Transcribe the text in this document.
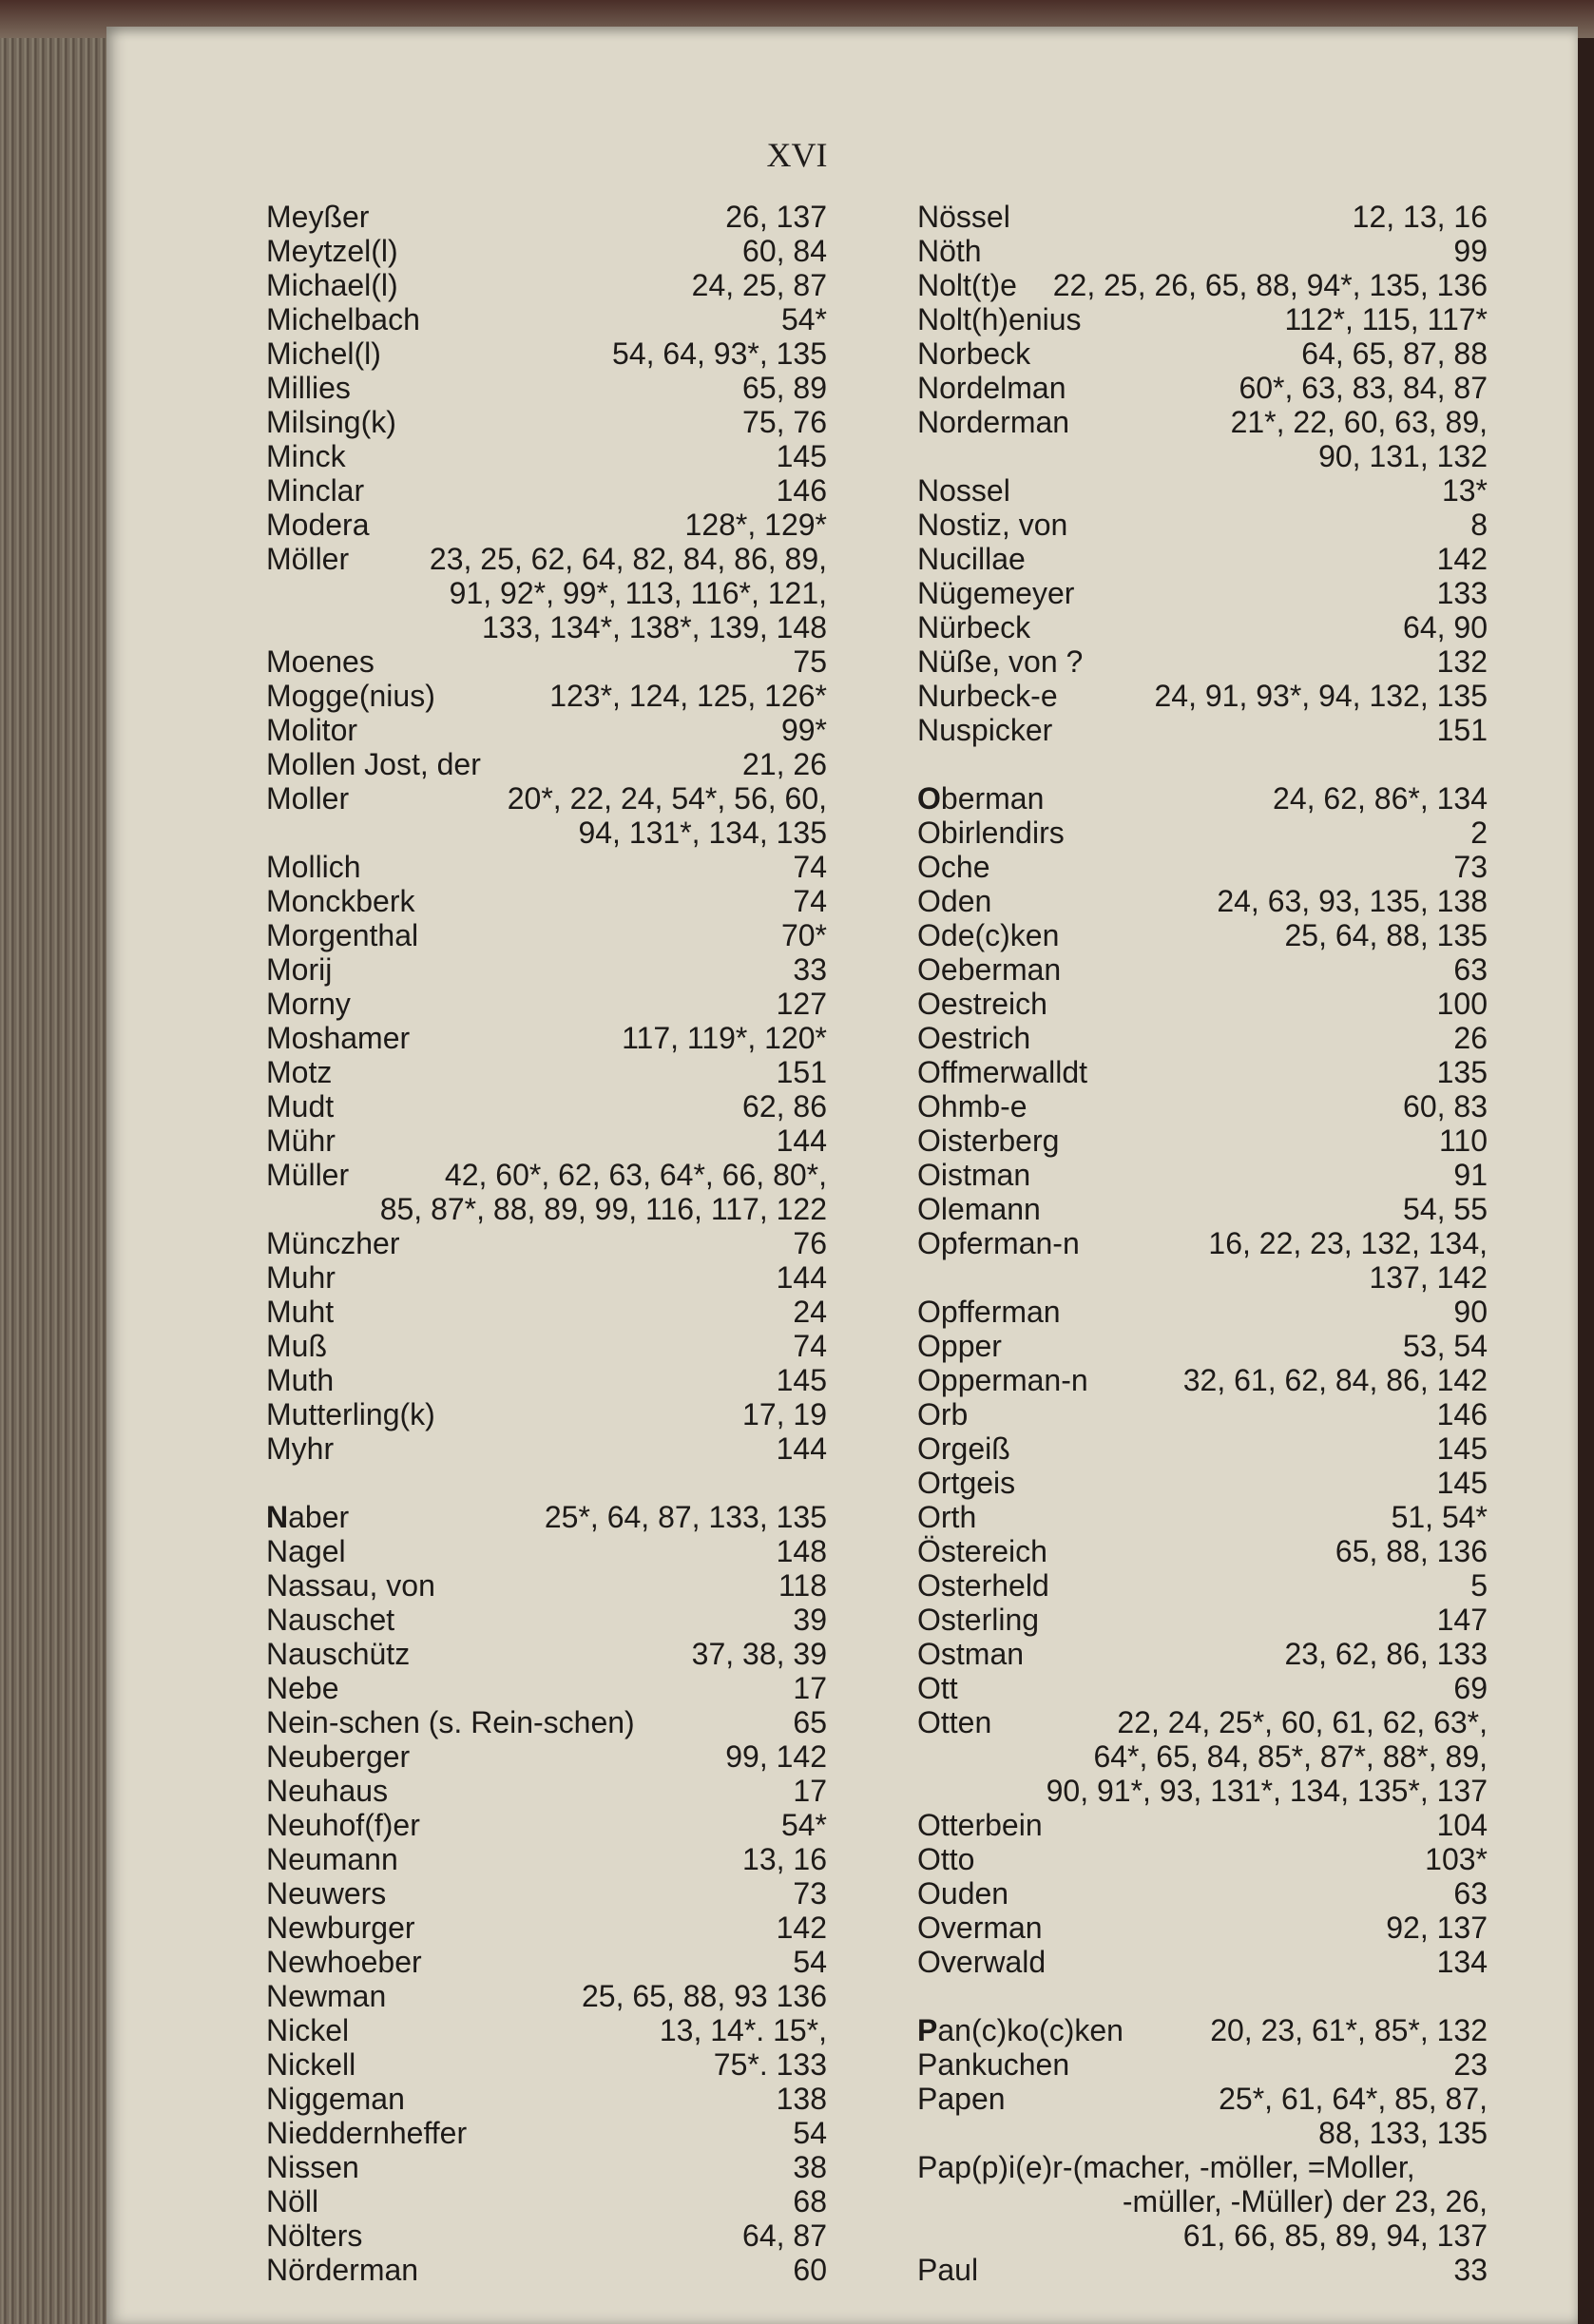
XVI
Meyßer	26, 137
Meytzel(l)	60, 84
Michael(l)	24, 25, 87
Michelbach	54*
Michel(l)	54, 64, 93*, 135
Millies	65, 89
Milsing(k)	75, 76
Minck	145
Minclar	146
Modera	128*, 129*
Möller	23, 25, 62, 64, 82, 84, 86, 89,
91, 92*, 99*, 113, 116*, 121,
133, 134*, 138*, 139, 148
Moenes	75
Mogge(nius)	123*, 124, 125, 126*
Molitor	99*
Mollen Jost, der	21, 26
Moller	20*, 22, 24, 54*, 56, 60,
94, 131*, 134, 135
Mollich	74
Monckberk	74
Morgenthal	70*
Morij	33
Morny	127
Moshamer	117, 119*, 120*
Motz	151
Mudt	62, 86
Mühr	144
Müller	42, 60*, 62, 63, 64*, 66, 80*,
85, 87*, 88, 89, 99, 116, 117, 122
Münczher	76
Muhr	144
Muht	24
Muß	74
Muth	145
Mutterling(k)	17, 19
Myhr	144
Naber	25*, 64, 87, 133, 135
Nagel	148
Nassau, von	118
Nauschet	39
Nauschütz	37, 38, 39
Nebe	17
Nein-schen (s. Rein-schen)	65
Neuberger	99, 142
Neuhaus	17
Neuhof(f)er	54*
Neumann	13, 16
Neuwers	73
Newburger	142
Newhoeber	54
Newman	25, 65, 88, 93 136
Nickel	13, 14*. 15*,
Nickell	75*. 133
Niggeman	138
Nieddernheffer	54
Nissen	38
Nöll	68
Nölters	64, 87
Nörderman	60
Nössel	12, 13, 16
Nöth	99
Nolt(t)e	22, 25, 26, 65, 88, 94*, 135, 136
Nolt(h)enius	112*, 115, 117*
Norbeck	64, 65, 87, 88
Nordelman	60*, 63, 83, 84, 87
Norderman	21*, 22, 60, 63, 89,
90, 131, 132
Nossel	13*
Nostiz, von	8
Nucillae	142
Nügemeyer	133
Nürbeck	64, 90
Nüße, von ?	132
Nurbeck-e	24, 91, 93*, 94, 132, 135
Nuspicker	151
Oberman	24, 62, 86*, 134
Obirlendirs	2
Oche	73
Oden	24, 63, 93, 135, 138
Ode(c)ken	25, 64, 88, 135
Oeberman	63
Oestreich	100
Oestrich	26
Offmerwalldt	135
Ohmb-e	60, 83
Oisterberg	110
Oistman	91
Olemann	54, 55
Opferman-n	16, 22, 23, 132, 134,
137, 142
Opfferman	90
Opper	53, 54
Opperman-n	32, 61, 62, 84, 86, 142
Orb	146
Orgeiß	145
Ortgeis	145
Orth	51, 54*
Östereich	65, 88, 136
Osterheld	5
Osterling	147
Ostman	23, 62, 86, 133
Ott	69
Otten	22, 24, 25*, 60, 61, 62, 63*,
64*, 65, 84, 85*, 87*, 88*, 89,
90, 91*, 93, 131*, 134, 135*, 137
Otterbein	104
Otto	103*
Ouden	63
Overman	92, 137
Overwald	134
Pan(c)ko(c)ken	20, 23, 61*, 85*, 132
Pankuchen	23
Papen	25*, 61, 64*, 85, 87,
88, 133, 135
Pap(p)i(e)r-(macher, -möller, =Moller,
-müller, -Müller) der 23, 26,
61, 66, 85, 89, 94, 137
Paul	33
